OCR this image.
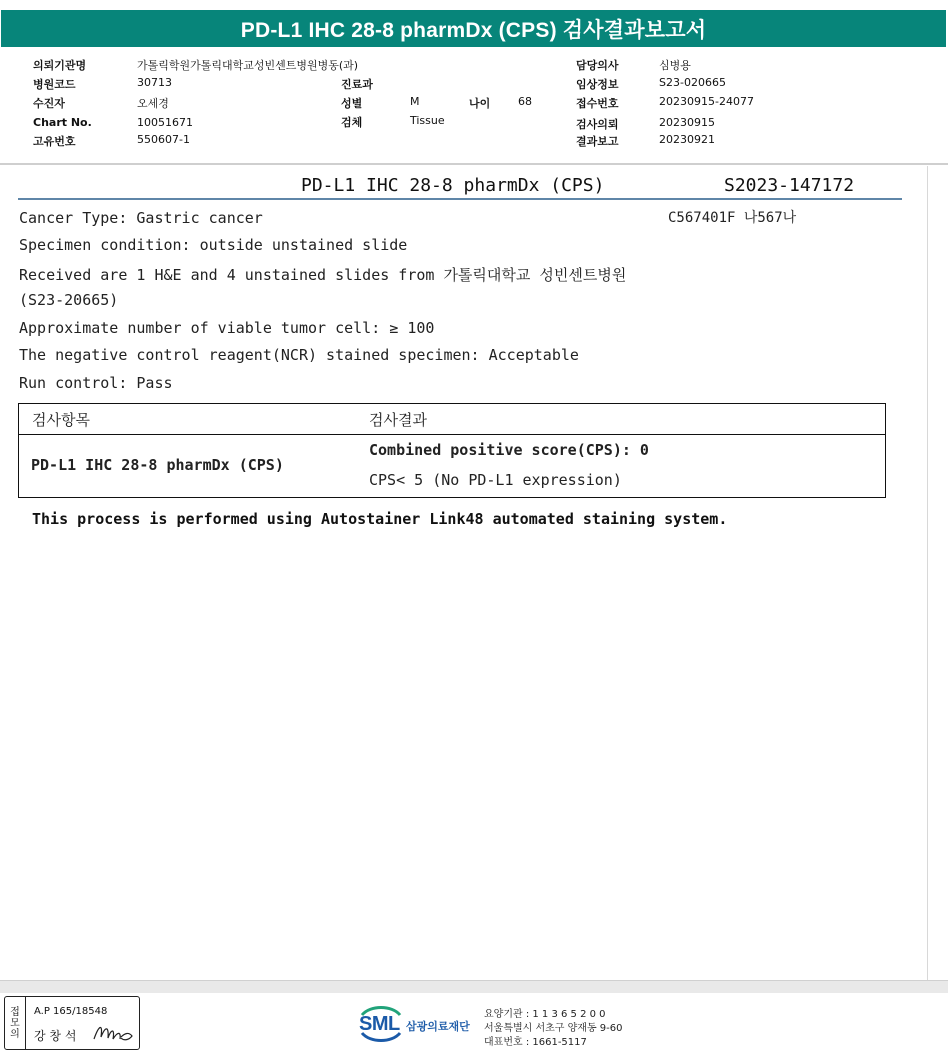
PD-L1 IHC 28-8 pharmDx (CPS) 검사결과보고서
의뢰기관명	가톨릭학원가톨릭대학교성빈센트병원병동(과)
병원코드	30713	진료과
수진자	오세경	성별	M	나이	68
Chart No.	10051671	검체	Tissue
고유번호	550607-1
담당의사	심병용
임상정보	S23-020665
접수번호	20230915-24077
검사의뢰	20230915
결과보고	20230921
PD-L1 IHC 28-8 pharmDx (CPS)	S2023-147172
C567401F 나567나
Cancer Type: Gastric cancer
Specimen condition: outside unstained slide
Received are 1 H&E and 4 unstained slides from 가톨릭대학교 성빈센트병원
(S23-20665)
Approximate number of viable tumor cell: ≥ 100
The negative control reagent(NCR) stained specimen: Acceptable
Run control: Pass
검사항목	검사결과
PD-L1 IHC 28-8 pharmDx (CPS)
Combined positive score(CPS): 0
CPS< 5 (No PD-L1 expression)
This process is performed using Autostainer Link48 automated staining system.
접
모
의
A.P 165/18548
강 창 석
SML 삼광의료재단
요양기관 : 1 1 3 6 5 2 0 0
서울특별시 서초구 양재동 9-60
대표번호 : 1661-5117
